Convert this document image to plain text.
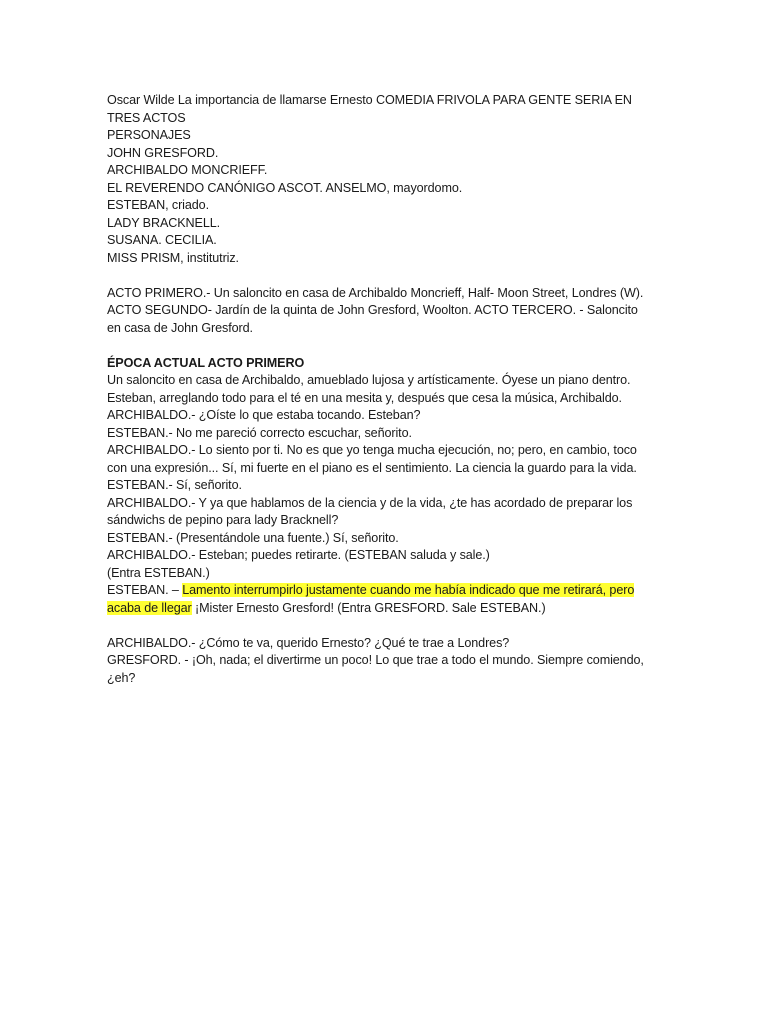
Oscar Wilde La importancia de llamarse Ernesto COMEDIA FRIVOLA PARA GENTE SERIA EN TRES ACTOS

PERSONAJES
JOHN GRESFORD.
ARCHIBALDO MONCRIEFF.
EL REVERENDO CANÓNIGO ASCOT. ANSELMO, mayordomo.
ESTEBAN, criado.
LADY BRACKNELL.
SUSANA. CECILIA.
MISS PRISM, institutriz.
ACTO PRIMERO.- Un saloncito en casa de Archibaldo Moncrieff, Half- Moon Street, Londres (W).
ACTO SEGUNDO- Jardín de la quinta de John Gresford, Woolton. ACTO TERCERO. - Saloncito en casa de John Gresford.

ÉPOCA ACTUAL ACTO PRIMERO

Un saloncito en casa de Archibaldo, amueblado lujosa y artísticamente. Óyese un piano dentro. Esteban, arreglando todo para el té en una mesita y, después que cesa la música, Archibaldo.

ARCHIBALDO.- ¿Oíste lo que estaba tocando. Esteban?

ESTEBAN.- No me pareció correcto escuchar, señorito.

ARCHIBALDO.- Lo siento por ti. No es que yo tenga mucha ejecución, no; pero, en cambio, toco con una expresión... Sí, mi fuerte en el piano es el sentimiento. La ciencia la guardo para la vida.

ESTEBAN.- Sí, señorito.

ARCHIBALDO.- Y ya que hablamos de la ciencia y de la vida, ¿te has acordado de preparar los sándwichs de pepino para lady Bracknell?

ESTEBAN.- (Presentándole una fuente.) Sí, señorito.

ARCHIBALDO.- Esteban; puedes retirarte. (ESTEBAN saluda y sale.)

(Entra ESTEBAN.)
ESTEBAN. – Lamento interrumpirlo justamente cuando me había indicado que me retirará, pero acaba de llegar ¡Mister Ernesto Gresford! (Entra GRESFORD. Sale ESTEBAN.)

ARCHIBALDO.- ¿Cómo te va, querido Ernesto? ¿Qué te trae a Londres?

GRESFORD. - ¡Oh, nada; el divertirme un poco! Lo que trae a todo el mundo. Siempre comiendo, ¿eh?
